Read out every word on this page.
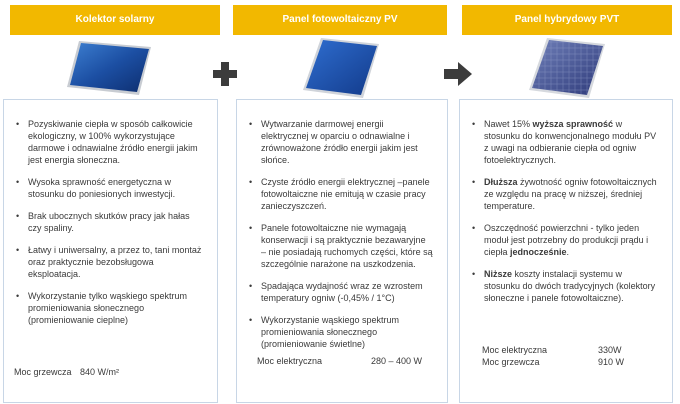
Kolektor solarny
• Pozyskiwanie ciepła w sposób całkowicie ekologiczny, w 100% wykorzystujące darmowe i odnawialne źródło energii jakim jest energia słoneczna.
• Wysoka sprawność energetyczna w stosunku do poniesionych inwestycji.
• Brak ubocznych skutków pracy jak hałas czy spaliny.
• Łatwy i uniwersalny, a przez to, tani montaż oraz praktycznie bezobsługowa eksploatacja.
• Wykorzystanie tylko wąskiego spektrum promieniowania słonecznego (promieniowanie cieplne)
Moc grzewcza 840 W/m²
Panel fotowoltaiczny PV
• Wytwarzanie darmowej energii elektrycznej w oparciu o odnawialne i zrównoważone źródło energii jakim jest słońce.
• Czyste źródło energii elektrycznej –panele fotowoltaiczne nie emitują w czasie pracy zanieczyszczeń.
• Panele fotowoltaiczne nie wymagają konserwacji i są praktycznie bezawaryjne – nie posiadają ruchomych części, które są szczególnie narażone na uszkodzenia.
• Spadająca wydajność wraz ze wzrostem temperatury ogniw (-0,45% / 1°C)
• Wykorzystanie wąskiego spektrum promieniowania słonecznego (promieniowanie świetlne)
Moc elektryczna	280 – 400 W
Panel hybrydowy PVT
• Nawet 15% wyższa sprawność w stosunku do konwencjonalnego modułu PV z uwagi na odbieranie ciepła od ogniw fotoelektrycznych.
• Dłuższa żywotność ogniw fotowoltaicznych ze względu na pracę w niższej, średniej temperature.
• Oszczędność powierzchni - tylko jeden moduł jest potrzebny do produkcji prądu i ciepła jednocześnie.
• Niższe koszty instalacji systemu w stosunku do dwóch tradycyjnych (kolektory słoneczne i panele fotowoltaiczne).
Moc elektryczna	330W
Moc grzewcza	910 W
